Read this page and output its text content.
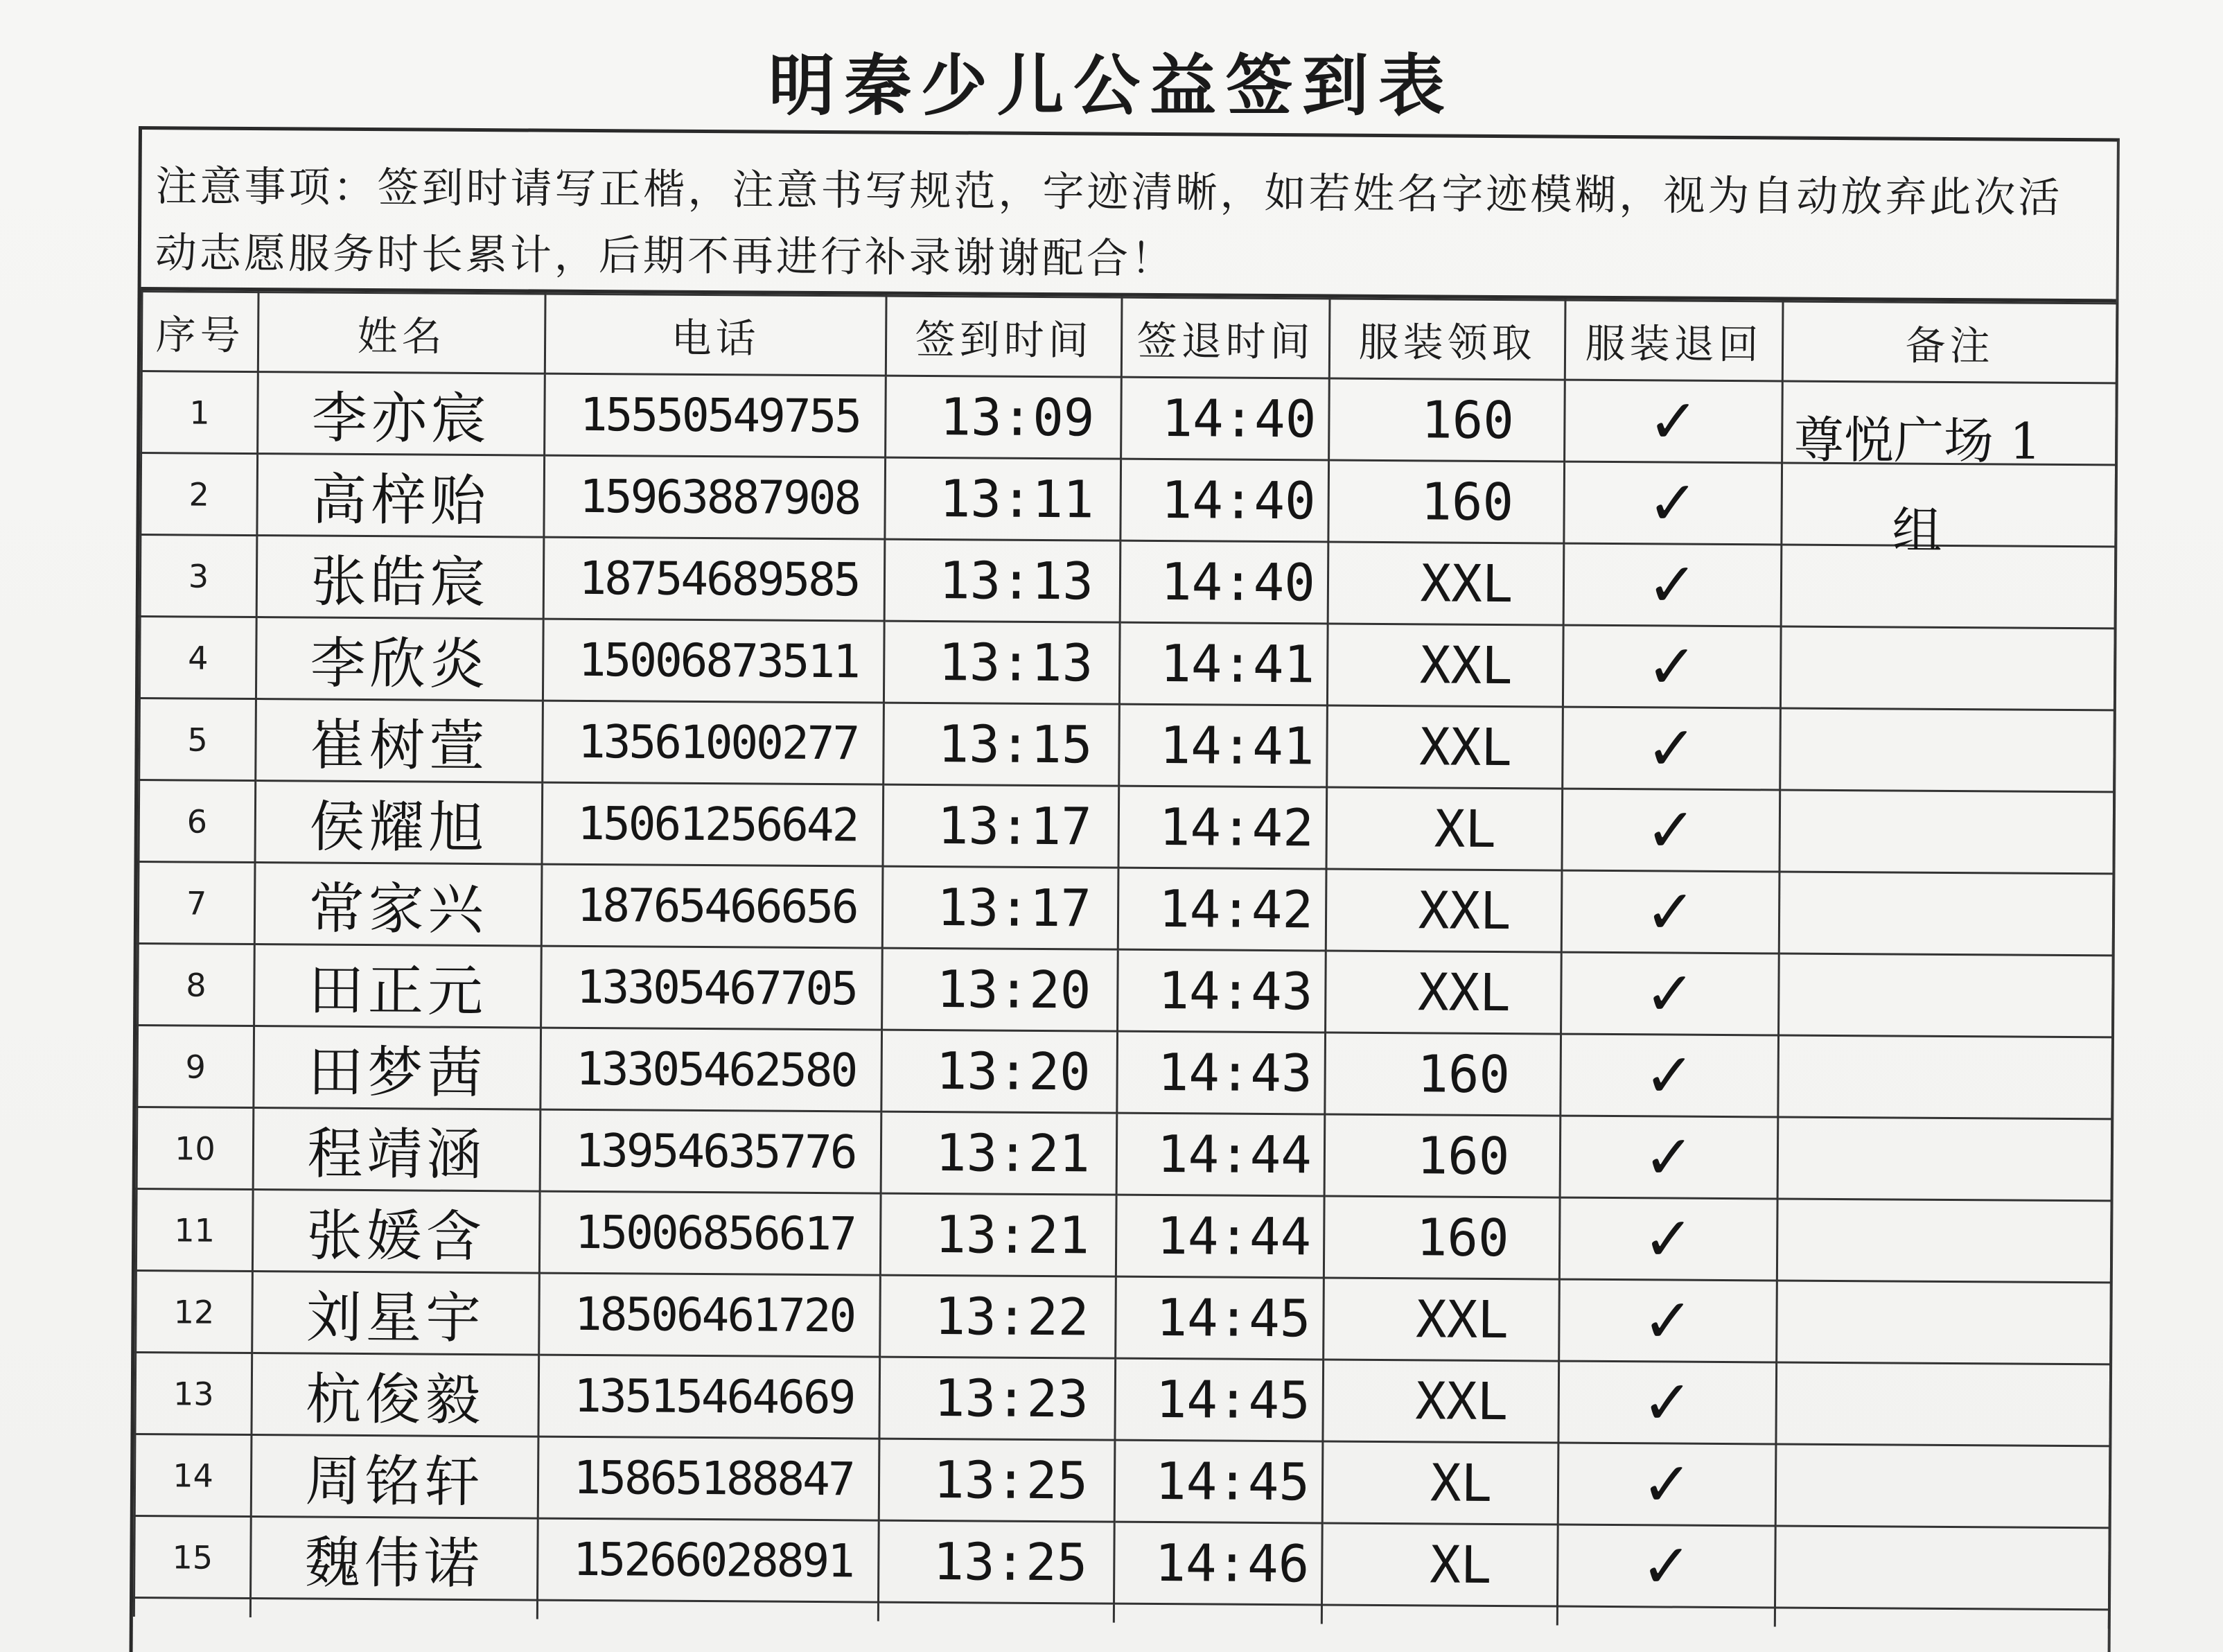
明秦少儿公益签到表
注意事项：签到时请写正楷，注意书写规范，字迹清晰，如若姓名字迹模糊，视为自动放弃此次活动志愿服务时长累计，后期不再进行补录谢谢配合！
序号	姓名	电话	签到时间	签退时间	服装领取	服装退回	备注
1	李亦宸	15550549755	13:09	14:40	160	✓	尊悦广场 1组

2	高梓贻	15963887908	13:11	14:40	160	✓	
3	张皓宸	18754689585	13:13	14:40	XXL	✓	
4	李欣炎	15006873511	13:13	14:41	XXL	✓	
5	崔树萱	13561000277	13:15	14:41	XXL	✓	
6	侯耀旭	15061256642	13:17	14:42	XL	✓	
7	常家兴	18765466656	13:17	14:42	XXL	✓	
8	田正元	13305467705	13:20	14:43	XXL	✓	
9	田梦茜	13305462580	13:20	14:43	160	✓	
10	程靖涵	13954635776	13:21	14:44	160	✓	
11	张媛含	15006856617	13:21	14:44	160	✓	
12	刘星宇	18506461720	13:22	14:45	XXL	✓	
13	杭俊毅	13515464669	13:23	14:45	XXL	✓	
14	周铭轩	15865188847	13:25	14:45	XL	✓	
15	魏伟诺	15266028891	13:25	14:46	XL	✓	
